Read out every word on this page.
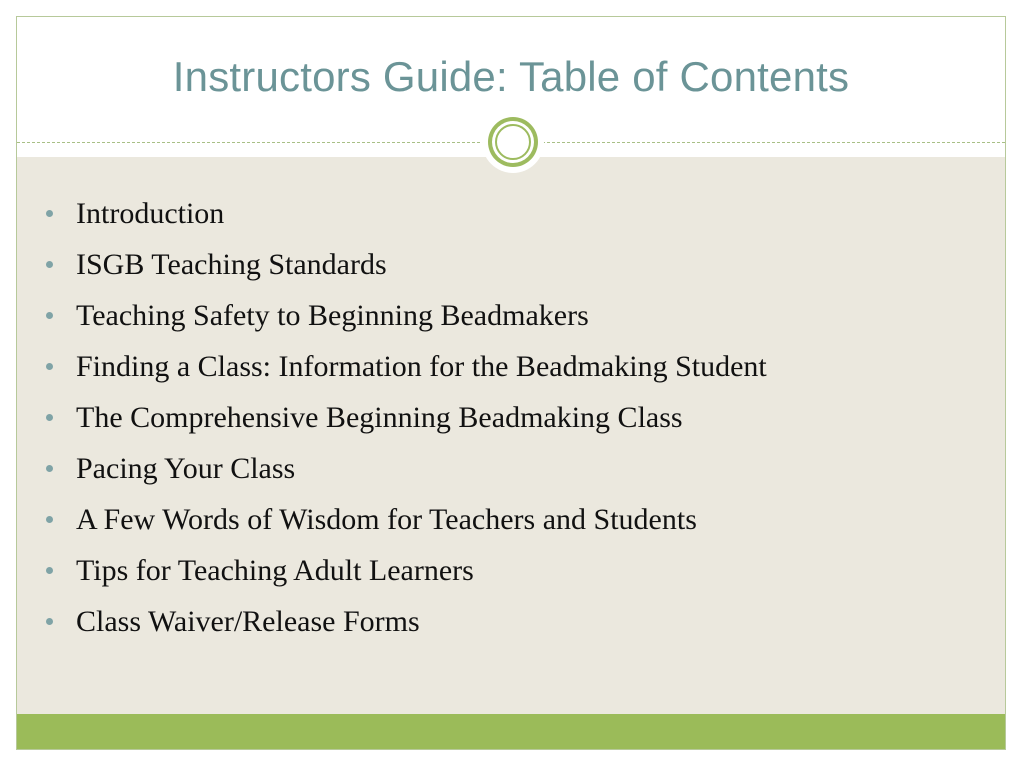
Instructors Guide: Table of Contents
Introduction
ISGB Teaching Standards
Teaching Safety to Beginning Beadmakers
Finding a Class: Information for the Beadmaking Student
The Comprehensive Beginning Beadmaking Class
Pacing Your Class
A Few Words of Wisdom for Teachers and Students
Tips for Teaching Adult Learners
Class Waiver/Release Forms
